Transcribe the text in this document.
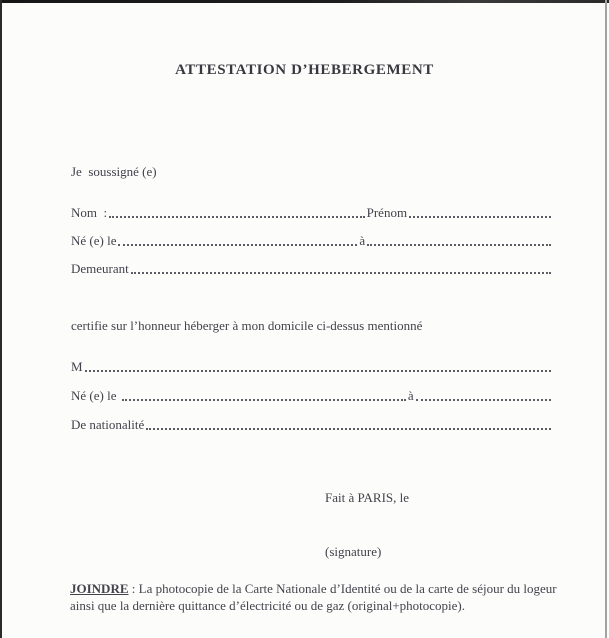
ATTESTATION D’HEBERGEMENT
Je  soussigné (e)
Nom  :	Prénom
Né (e) le	à
Demeurant
certifie sur l’honneur héberger à mon domicile ci-dessus mentionné
M
Né (e) le	à
De nationalité

Fait à PARIS, le

(signature)

JOINDRE : La photocopie de la Carte Nationale d’Identité ou de la carte de séjour du logeur
ainsi que la dernière quittance d’électricité ou de gaz (original+photocopie).
